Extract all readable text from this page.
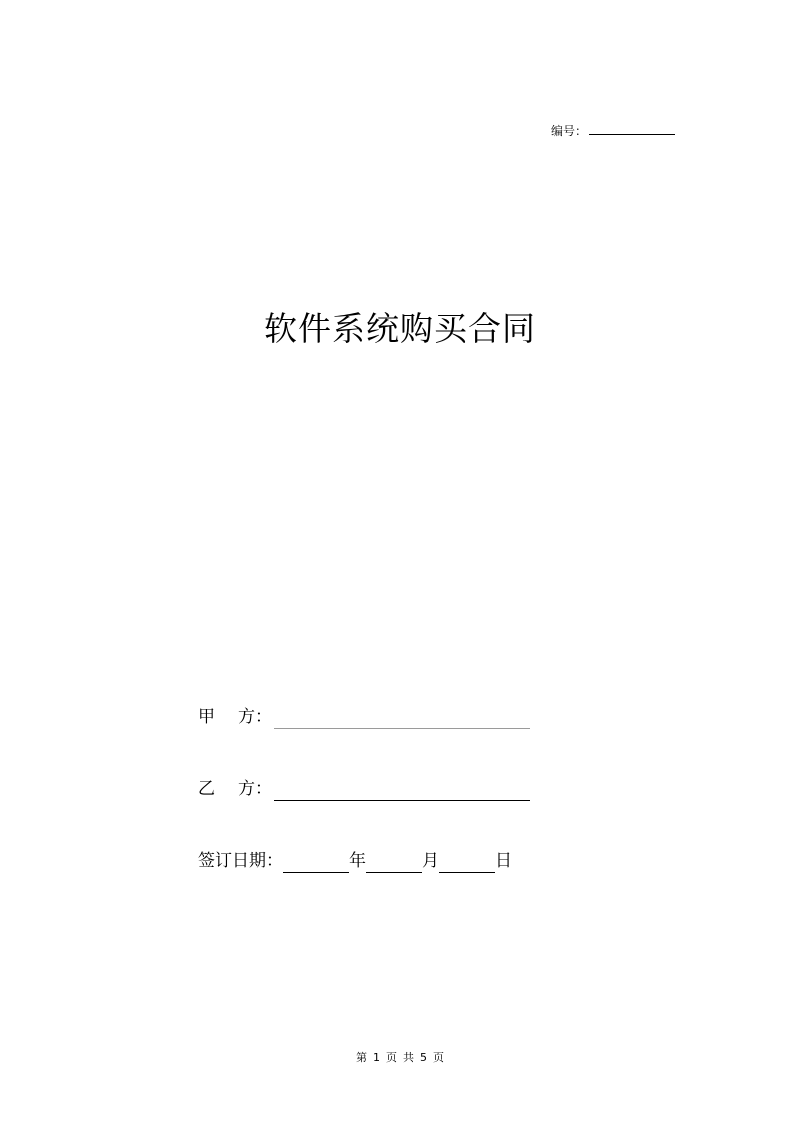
编号：
软件系统购买合同
甲 方：
乙 方：
签订日期：	年	月	日
第 1 页 共 5 页
